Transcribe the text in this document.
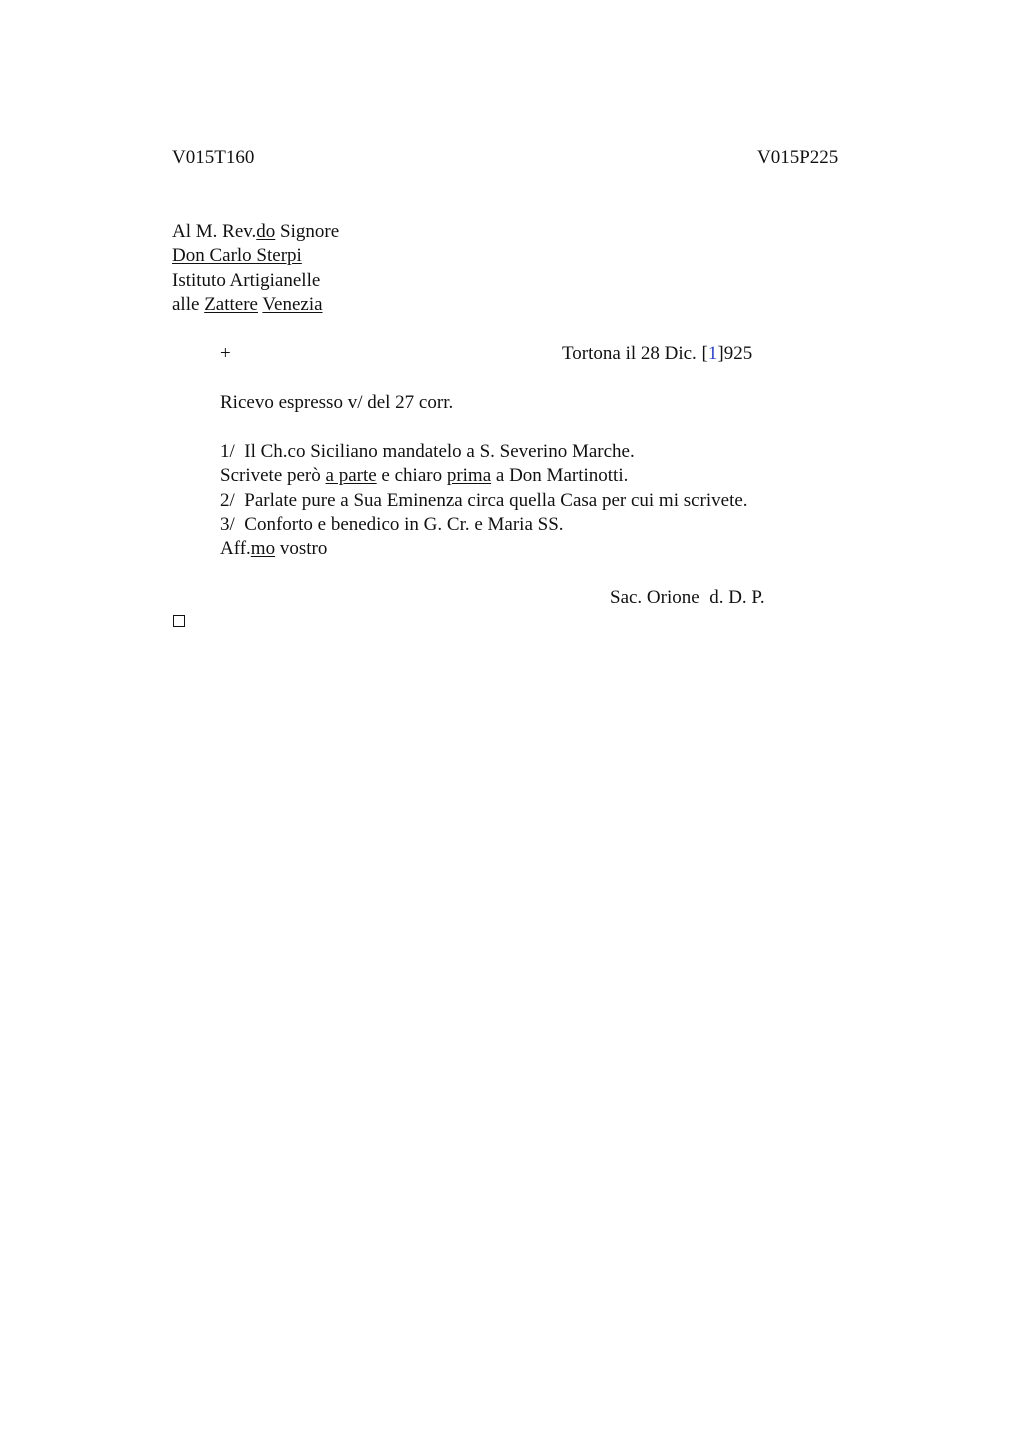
V015T160	V015P225
Al M. Rev.do Signore
Don Carlo Sterpi
Istituto Artigianelle
alle Zattere Venezia
+	Tortona il 28 Dic. [1]925
Ricevo espresso v/ del 27 corr.
1/  Il Ch.co Siciliano mandatelo a S. Severino Marche.
Scrivete però a parte e chiaro prima a Don Martinotti.
2/  Parlate pure a Sua Eminenza circa quella Casa per cui mi scrivete.
3/  Conforto e benedico in G. Cr. e Maria SS.
Aff.mo vostro
Sac. Orione  d. D. P.
